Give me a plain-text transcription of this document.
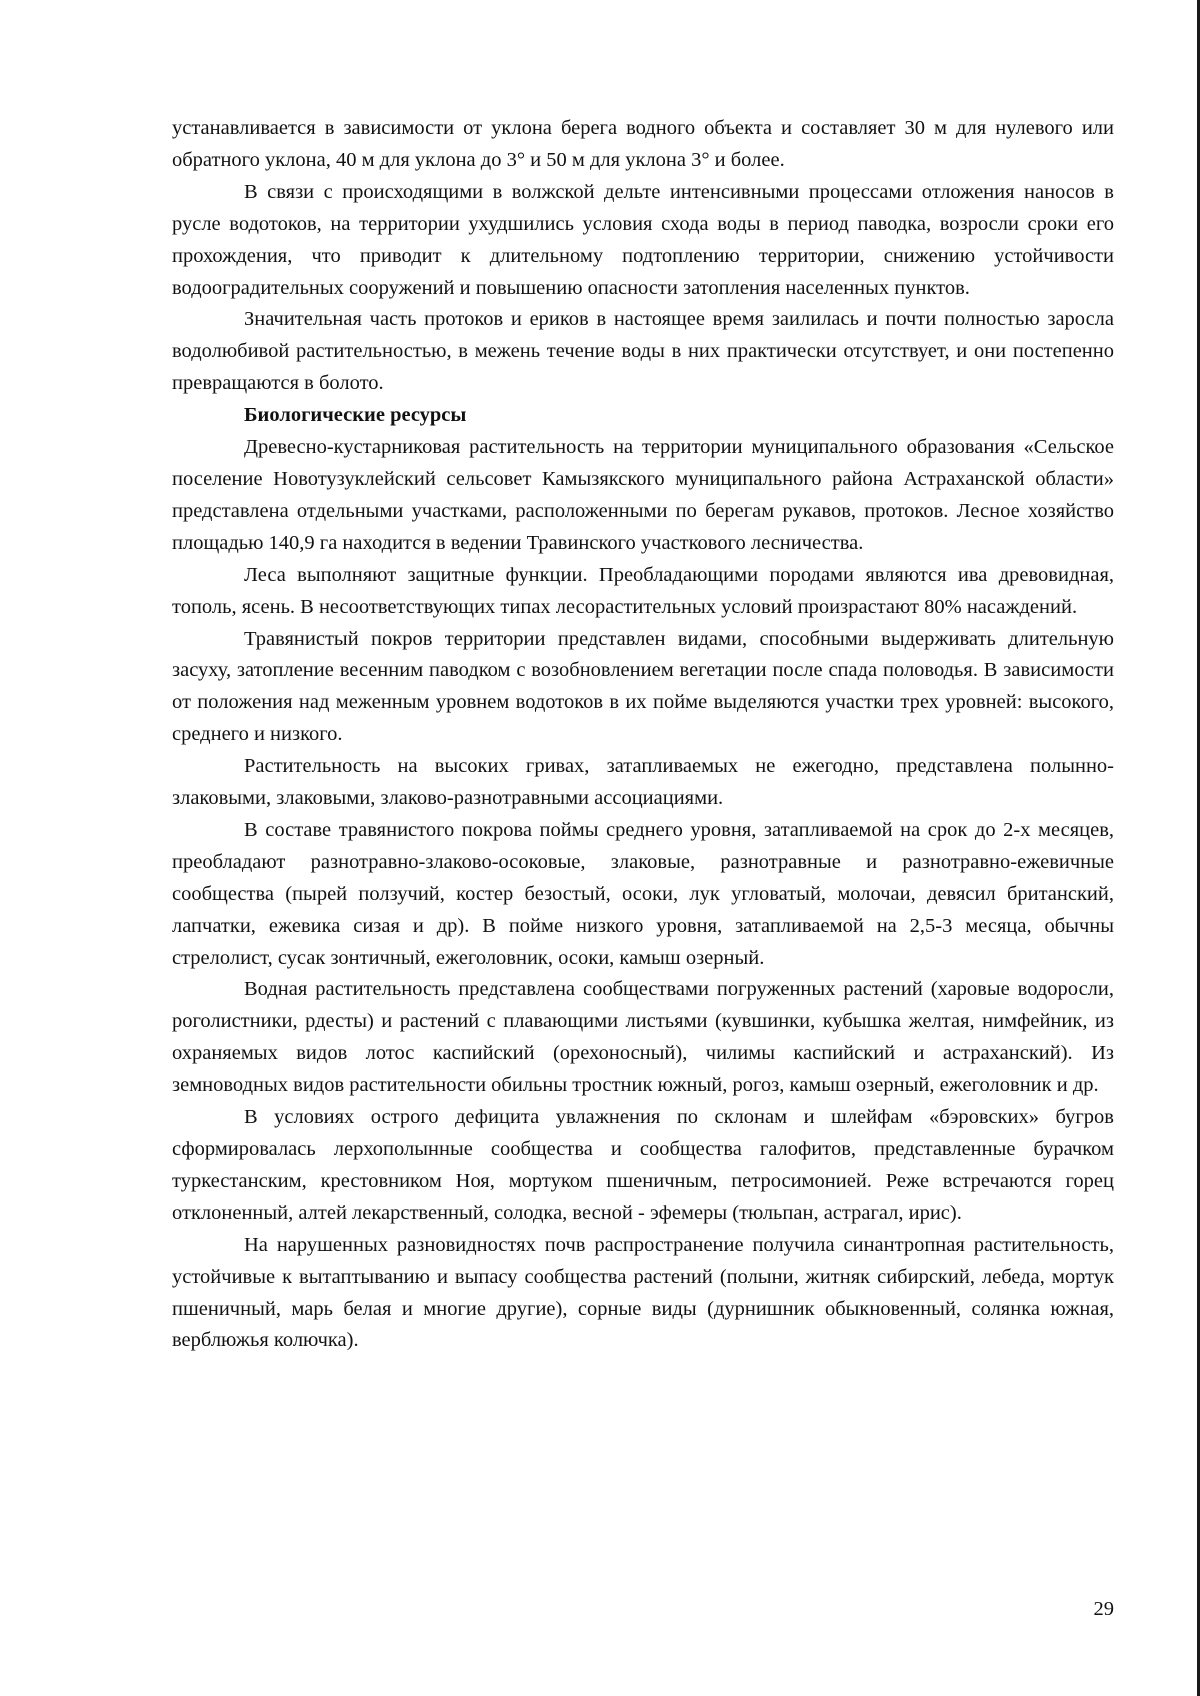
устанавливается в зависимости от уклона берега водного объекта и составляет 30 м для нулевого или обратного уклона, 40 м для уклона до 3° и 50 м для уклона 3° и более.

В связи с происходящими в волжской дельте интенсивными процессами отложения наносов в русле водотоков, на территории ухудшились условия схода воды в период паводка, возросли сроки его прохождения, что приводит к длительному подтоплению территории, снижению устойчивости водооградительных сооружений и повышению опасности затопления населенных пунктов.

Значительная часть протоков и ериков в настоящее время заилилась и почти полностью заросла водолюбивой растительностью, в межень течение воды в них практически отсутствует, и они постепенно превращаются в болото.

Биологические ресурсы

Древесно-кустарниковая растительность на территории муниципального образования «Сельское поселение Новотузуклейский сельсовет Камызякского муниципального района Астраханской области» представлена отдельными участками, расположенными по берегам рукавов, протоков. Лесное хозяйство площадью 140,9 га находится в ведении Травинского участкового лесничества.

Леса выполняют защитные функции. Преобладающими породами являются ива древовидная, тополь, ясень. В несоответствующих типах лесорастительных условий произрастают 80% насаждений.

Травянистый покров территории представлен видами, способными выдерживать длительную засуху, затопление весенним паводком с возобновлением вегетации после спада половодья. В зависимости от положения над меженным уровнем водотоков в их пойме выделяются участки трех уровней: высокого, среднего и низкого.

Растительность на высоких гривах, затапливаемых не ежегодно, представлена полынно-злаковыми, злаковыми, злаково-разнотравными ассоциациями.

В составе травянистого покрова поймы среднего уровня, затапливаемой на срок до 2-х месяцев, преобладают разнотравно-злаково-осоковые, злаковые, разнотравные и разнотравно-ежевичные сообщества (пырей ползучий, костер безостый, осоки, лук угловатый, молочаи, девясил британский, лапчатки, ежевика сизая и др). В пойме низкого уровня, затапливаемой на 2,5-3 месяца, обычны стрелолист, сусак зонтичный, ежеголовник, осоки, камыш озерный.

Водная растительность представлена сообществами погруженных растений (харовые водоросли, роголистники, рдесты) и растений с плавающими листьями (кувшинки, кубышка желтая, нимфейник, из охраняемых видов лотос каспийский (орехоносный), чилимы каспийский и астраханский). Из земноводных видов растительности обильны тростник южный, рогоз, камыш озерный, ежеголовник и др.

В условиях острого дефицита увлажнения по склонам и шлейфам «бэровских» бугров сформировалась лерхополынные сообщества и сообщества галофитов, представленные бурачком туркестанским, крестовником Ноя, мортуком пшеничным, петросимонией. Реже встречаются горец отклоненный, алтей лекарственный, солодка, весной - эфемеры (тюльпан, астрагал, ирис).

На нарушенных разновидностях почв распространение получила синантропная растительность, устойчивые к вытаптыванию и выпасу сообщества растений (полыни, житняк сибирский, лебеда, мортук пшеничный, марь белая и многие другие), сорные виды (дурнишник обыкновенный, солянка южная, верблюжья колючка).

29
